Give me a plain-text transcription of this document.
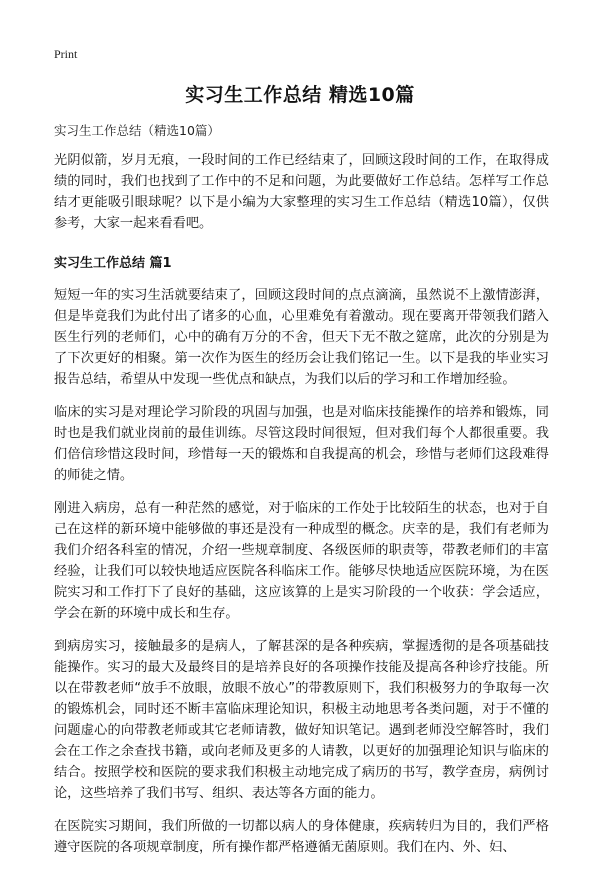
Print
实习生工作总结 精选10篇
实习生工作总结（精选10篇）

光阴似箭，岁月无痕，一段时间的工作已经结束了，回顾这段时间的工作，在取得成绩的同时，我们也找到了工作中的不足和问题，为此要做好工作总结。怎样写工作总结才更能吸引眼球呢？以下是小编为大家整理的实习生工作总结（精选10篇），仅供参考，大家一起来看看吧。

实习生工作总结 篇1

短短一年的实习生活就要结束了，回顾这段时间的点点滴滴，虽然说不上激情澎湃，但是毕竟我们为此付出了诸多的心血，心里难免有着激动。现在要离开带领我们踏入医生行列的老师们，心中的确有万分的不舍，但天下无不散之筵席，此次的分别是为了下次更好的相聚。第一次作为医生的经历会让我们铭记一生。以下是我的毕业实习报告总结，希望从中发现一些优点和缺点，为我们以后的学习和工作增加经验。

临床的实习是对理论学习阶段的巩固与加强，也是对临床技能操作的培养和锻炼，同时也是我们就业岗前的最佳训练。尽管这段时间很短，但对我们每个人都很重要。我们倍信珍惜这段时间，珍惜每一天的锻炼和自我提高的机会，珍惜与老师们这段难得的师徒之情。

刚进入病房，总有一种茫然的感觉，对于临床的工作处于比较陌生的状态，也对于自己在这样的新环境中能够做的事还是没有一种成型的概念。庆幸的是，我们有老师为我们介绍各科室的情况，介绍一些规章制度、各级医师的职责等，带教老师们的丰富经验，让我们可以较快地适应医院各科临床工作。能够尽快地适应医院环境，为在医院实习和工作打下了良好的基础，这应该算的上是实习阶段的一个收获：学会适应，学会在新的环境中成长和生存。

到病房实习，接触最多的是病人，了解甚深的是各种疾病，掌握透彻的是各项基础技能操作。实习的最大及最终目的是培养良好的各项操作技能及提高各种诊疗技能。所以在带教老师“放手不放眼，放眼不放心”的带教原则下，我们积极努力的争取每一次的锻炼机会，同时还不断丰富临床理论知识，积极主动地思考各类问题，对于不懂的问题虚心的向带教老师或其它老师请教，做好知识笔记。遇到老师没空解答时，我们会在工作之余查找书籍，或向老师及更多的人请教，以更好的加强理论知识与临床的结合。按照学校和医院的要求我们积极主动地完成了病历的书写，教学查房，病例讨论，这些培养了我们书写、组织、表达等各方面的能力。

在医院实习期间，我们所做的一切都以病人的身体健康，疾病转归为目的，我们严格遵守医院的各项规章制度，所有操作都严格遵循无菌原则。我们在内、外、妇、
